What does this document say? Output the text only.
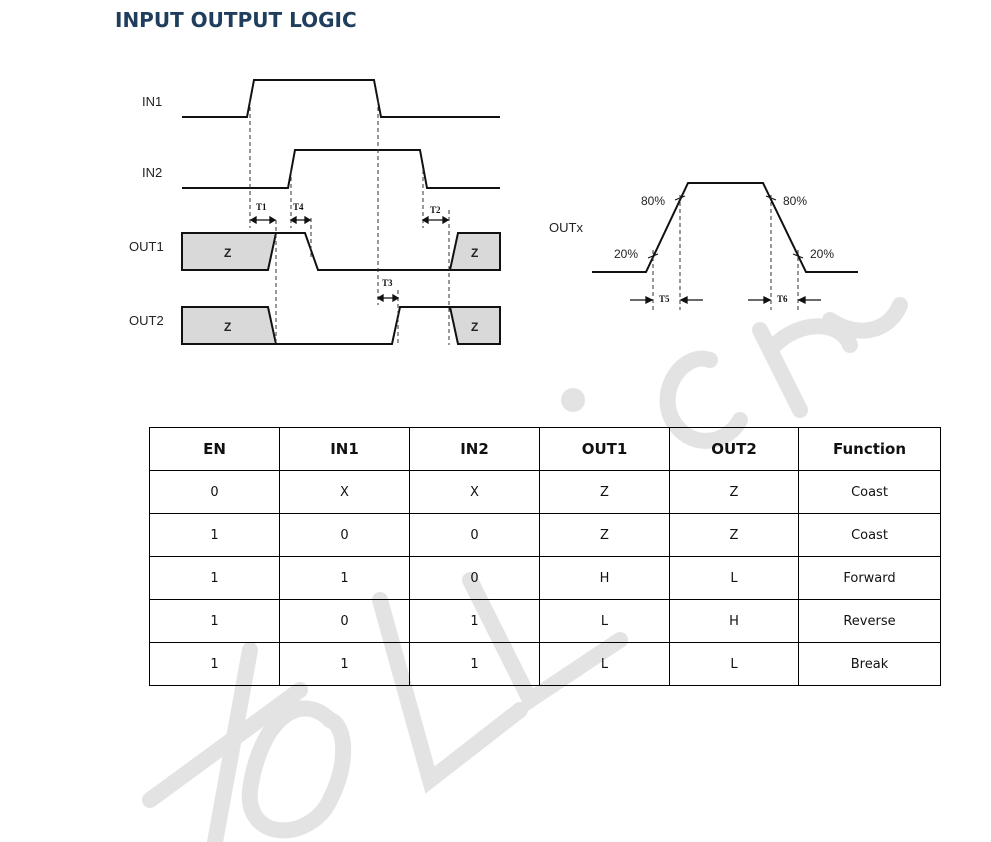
INPUT OUTPUT LOGIC
IN1
IN2
OUT1
OUT2
Z	Z
Z	Z
T1	T4	T2
T3
OUTx
80%	80%
20%	20%
T5	T6
EN	IN1	IN2	OUT1	OUT2	Function
0	X	X	Z	Z	Coast
1	0	0	Z	Z	Coast
1	1	0	H	L	Forward
1	0	1	L	H	Reverse
1	1	1	L	L	Break
